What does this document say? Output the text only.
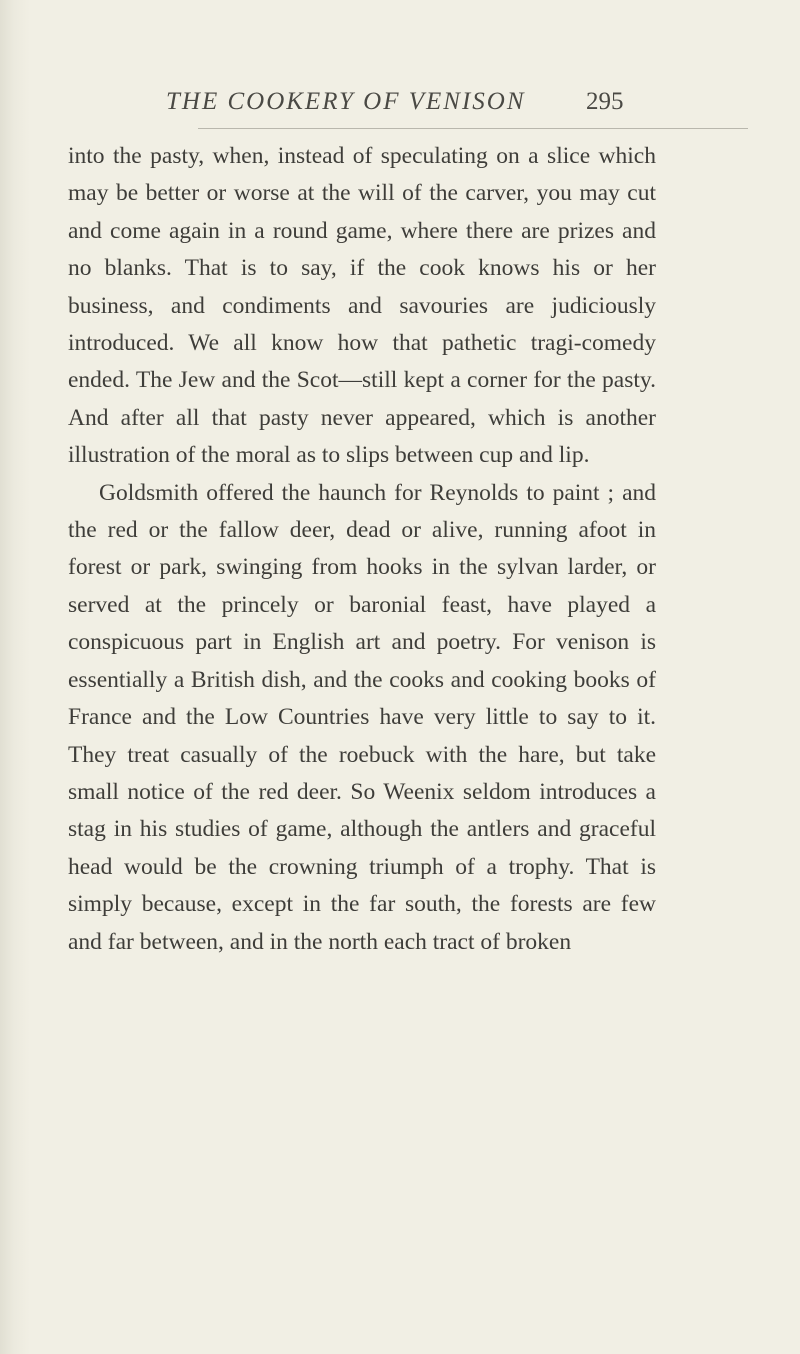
THE COOKERY OF VENISON 295

into the pasty, when, instead of speculating on a slice which may be better or worse at the will of the carver, you may cut and come again in a round game, where there are prizes and no blanks. That is to say, if the cook knows his or her business, and condiments and savouries are judiciously introduced. We all know how that pathetic tragi-comedy ended. The Jew and the Scot—still kept a corner for the pasty. And after all that pasty never appeared, which is another illustration of the moral as to slips between cup and lip.

Goldsmith offered the haunch for Reynolds to paint ; and the red or the fallow deer, dead or alive, running afoot in forest or park, swinging from hooks in the sylvan larder, or served at the princely or baronial feast, have played a conspicuous part in English art and poetry. For venison is essentially a British dish, and the cooks and cooking books of France and the Low Countries have very little to say to it. They treat casually of the roebuck with the hare, but take small notice of the red deer. So Weenix seldom introduces a stag in his studies of game, although the antlers and graceful head would be the crowning triumph of a trophy. That is simply because, except in the far south, the forests are few and far between, and in the north each tract of broken
